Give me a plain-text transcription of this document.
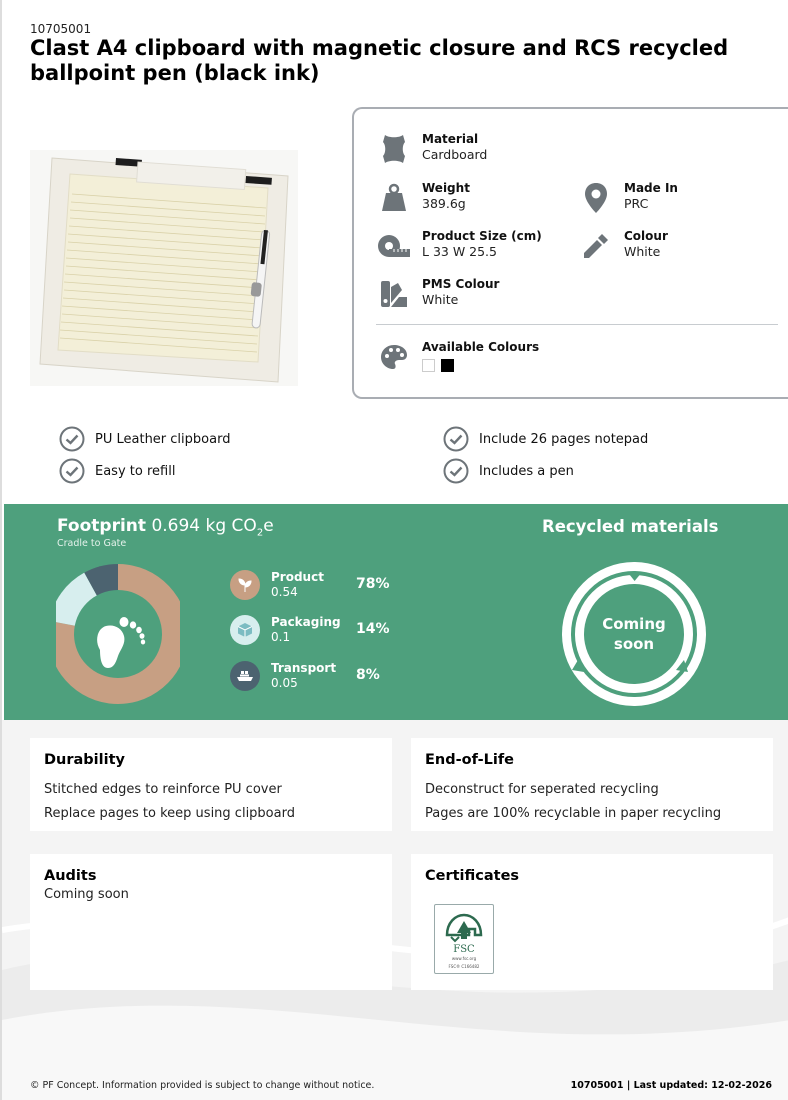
10705001
Clast A4 clipboard with magnetic closure and RCS recycled ballpoint pen (black ink)
Material
Cardboard
Weight
389.6g
Made In
PRC
Product Size (cm)
L 33 W 25.5
Colour
White
PMS Colour
White
Available Colours
PU Leather clipboard	Include 26 pages notepad
Easy to refill	Includes a pen
Footprint 0.694 kg $CO_2e$
Cradle to Gate
Product
0.54	78%
Packaging
0.1	14%
Transport
0.05	8%
Recycled materials
Coming
soon
Durability

Stitched edges to reinforce PU cover

Replace pages to keep using clipboard

End-of-Life

Deconstruct for seperated recycling

Pages are 100% recyclable in paper recycling

Audits

Coming soon

Certificates
FSC
www.fsc.org
FSC® C166482
© PF Concept. Information provided is subject to change without notice.	10705001 | Last updated: 12-02-2026
